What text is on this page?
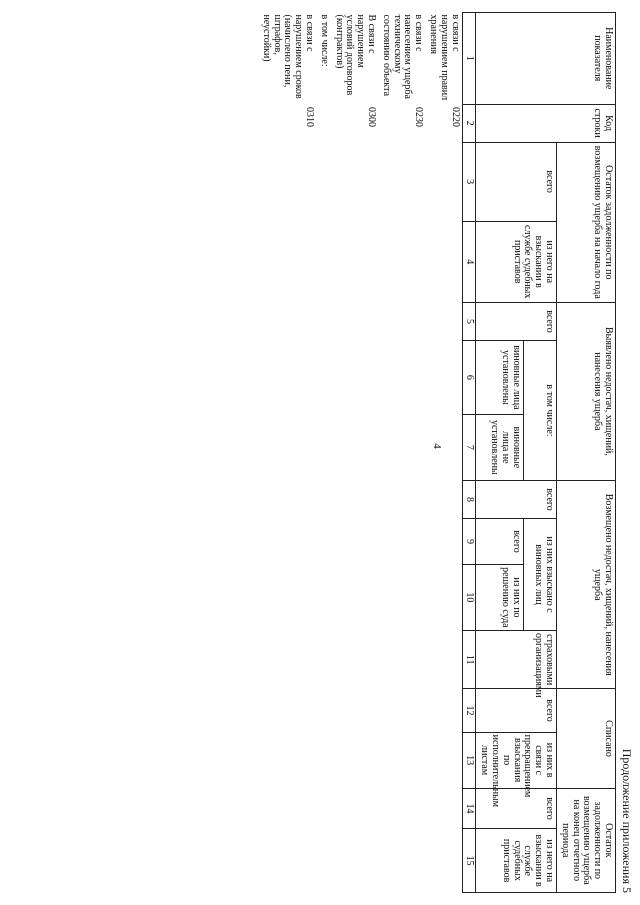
4
Продолжение приложения 5
Наименование показателя	Код строки	Остаток задолженности по возмещению ущерба на начало года		Выявлено недостач, хищений, нанесения ущерба			Возмещено недостач, хищений, нанесения ущерба				Списано		Остаток задолженности по возмещению ущерба на конец отчетного периода	
		всего	из него на взыскании в службе судебных приставов	всего	в том числе:		всего	из них взыскано с виновных лиц		страховыми организациями	всего	из них в связи с прекращением взыскания по исполнительным листам	всего	из него на взыскании в службе судебных приставов
					виновные лица установлены	виновные лица не установлены		всего	из них по решению суда					
1	2	3	4	5	6	7	8	9	10	11	12	13	14	15
в связи с нарушением правил хранения	0220													
в связи с нанесением ущерба техническому состоянию объекта	0230													
В связи с нарушением условий договоров (контрактов)	0300													
в том числе:														
в связи с нарушением сроков (начислено пени, штрафов, неустойки)	0310													
